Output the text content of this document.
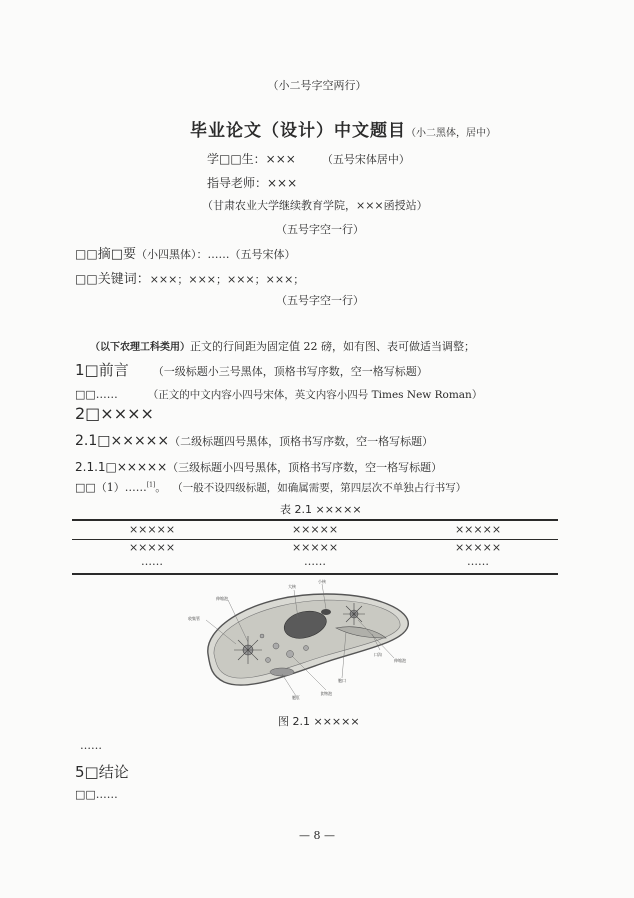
（小二号字空两行）
毕业论文（设计）中文题目（小二黑体，居中）
学□□生：××× （五号宋体居中）
指导老师：×××
（甘肃农业大学继续教育学院，×××函授站）
（五号字空一行）
□□摘□要（小四黑体）：……（五号宋体）
□□关键词：×××；×××；×××；×××；
（五号字空一行）
（以下农理工科类用）正文的行间距为固定值 22 磅，如有图、表可做适当调整；
1□前言 （一级标题小三号黑体，顶格书写序数，空一格写标题）
□□……	（正文的中文内容小四号宋体，英文内容小四号 Times New Roman）
2□××××
2.1□×××××（二级标题四号黑体，顶格书写序数，空一格写标题）
2.1.1□×××××（三级标题小四号黑体，顶格书写序数，空一格写标题）
□□（1）……[1]。 （一般不设四级标题，如确属需要，第四层次不单独占行书写）
表 2.1 ×××××
×××××	×××××	×××××
×××××	×××××	×××××
……	……	……
大核
小核
伸缩泡
收集管
口沟
伸缩泡
胞肛
食物泡
胞口
图 2.1 ×××××
……
5□结论
□□……
— 8 —
